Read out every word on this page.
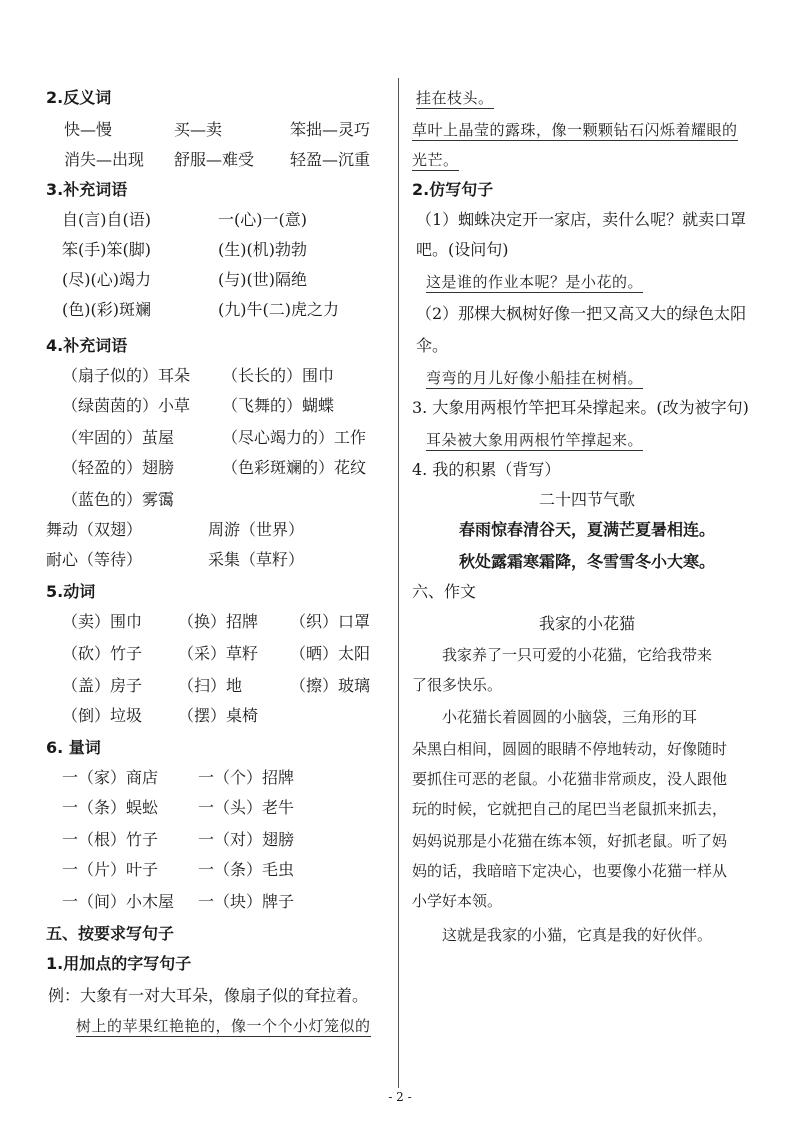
2.反义词
快—慢	买—卖	笨拙—灵巧
消失—出现 舒服—难受 轻盈—沉重
3.补充词语
自(言)自(语)	一(心)一(意)
笨(手)笨(脚)	(生)(机)勃勃
(尽)(心)竭力	(与)(世)隔绝
(色)(彩)斑斓	(九)牛(二)虎之力
4.补充词语
（扇子似的）耳朵 （长长的）围巾
（绿茵茵的）小草 （飞舞的）蝴蝶
（牢固的）茧屋	（尽心竭力的）工作
（轻盈的）翅膀	（色彩斑斓的）花纹
（蓝色的）雾霭
舞动（双翅）	周游（世界）
耐心（等待）	采集（草籽）
5.动词
（卖）围巾 （换）招牌 （织）口罩
（砍）竹子 （采）草籽 （晒）太阳
（盖）房子 （扫）地	（擦）玻璃
（倒）垃圾 （摆）桌椅
6. 量词
一（家）商店 一（个）招牌
一（条）蜈蚣 一（头）老牛
一（根）竹子 一（对）翅膀
一（片）叶子 一（条）毛虫
一（间）小木屋 一（块）牌子
五、按要求写句子
1.用加点的字写句子
例：大象有一对大耳朵，像扇子似的耷拉着。
树上的苹果红艳艳的，像一个个小灯笼似的
挂在枝头。
草叶上晶莹的露珠，像一颗颗钻石闪烁着耀眼的
光芒。
2.仿写句子
（1）蜘蛛决定开一家店，卖什么呢？就卖口罩
吧。(设问句)
这是谁的作业本呢？是小花的。
（2）那棵大枫树好像一把又高又大的绿色太阳
伞。
弯弯的月儿好像小船挂在树梢。
3. 大象用两根竹竿把耳朵撑起来。(改为被字句)
耳朵被大象用两根竹竿撑起来。
4. 我的积累（背写）
二十四节气歌
春雨惊春清谷天，夏满芒夏暑相连。
秋处露霜寒霜降，冬雪雪冬小大寒。
六、作文
我家的小花猫
我家养了一只可爱的小花猫，它给我带来
了很多快乐。
小花猫长着圆圆的小脑袋，三角形的耳
朵黑白相间，圆圆的眼睛不停地转动，好像随时
要抓住可恶的老鼠。小花猫非常顽皮，没人跟他
玩的时候，它就把自己的尾巴当老鼠抓来抓去，
妈妈说那是小花猫在练本领，好抓老鼠。听了妈
妈的话，我暗暗下定决心，也要像小花猫一样从
小学好本领。
这就是我家的小猫，它真是我的好伙伴。
- 2 -
